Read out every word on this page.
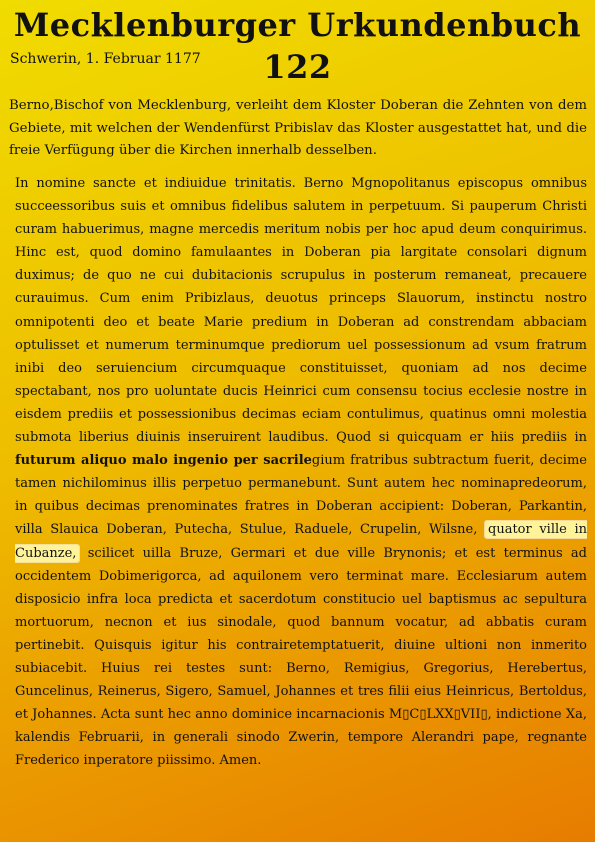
Mecklenburger Urkundenbuch 122
Schwerin, 1. Februar 1177
Berno,Bischof von Mecklenburg, verleiht dem Kloster Doberan die Zehnten von dem Gebiete, mit welchen der Wendenfürst Pribislav das Kloster ausgestattet hat, und die freie Verfügung über die Kirchen innerhalb desselben.
In nomine sancte et indiuidue trinitatis. Berno Mgnopolitanus episcopus omnibus succeessoribus suis et omnibus fidelibus salutem in perpetuum. Si pauperum Christi curam habuerimus, magne mercedis meritum nobis per hoc apud deum conquirimus. Hinc est, quod domino famulaantes in Doberan pia largitate consolari dignum duximus; de quo ne cui dubitacionis scrupulus in posterum remaneat, precauere curauimus. Cum enim Pribizlaus, deuotus princeps Slauorum, instinctu nostro omnipotenti deo et beate Marie predium in Doberan ad constrendam abbaciam optulisset et numerum terminumque prediorum uel possessionum ad vsum fratrum inibi deo seruiencium circumquaque constituisset, quoniam ad nos decime spectabant, nos pro uoluntate ducis Heinrici cum consensu tocius ecclesie nostre in eisdem prediis et possessionibus decimas eciam contulimus, quatinus omni molestia submota liberius diuinis inseruirent laudibus. Quod si quicquam er hiis prediis in futurum aliquo malo ingenio per sacrilegium fratribus subtractum fuerit, decime tamen nichilominus illis perpetuo permanebunt. Sunt autem hec nominapredeorum, in quibus decimas prenominates fratres in Doberan accipient: Doberan, Parkantin, villa Slauica Doberan, Putecha, Stulue, Raduele, Crupelin, Wilsne, quator ville in Cubanze, scilicet uilla Bruze, Germari et due ville Brynonis; et est terminus ad occidentem Dobimerigorca, ad aquilonem vero terminat mare. Ecclesiarum autem disposicio infra loca predicta et sacerdotum constitucio uel baptismus ac sepultura mortuorum, necnon et ius sinodale, quod bannum vocatur, ad abbatis curam pertinebit. Quisquis igitur his contrairetemptatuerit, diuine ultioni non inmerito subiacebit. Huius rei testes sunt: Berno, Remigius, Gregorius, Herebertus, Guncelinus, Reinerus, Sigero, Samuel, Johannes et tres filii eius Heinricus, Bertoldus, et Johannes. Acta sunt hec anno dominice incarnacionis M▯C▯LXX▯VII▯, indictione Xa, kalendis Februarii, in generali sinodo Zwerin, tempore Alerandri pape, regnante Frederico inperatore piissimo. Amen.
